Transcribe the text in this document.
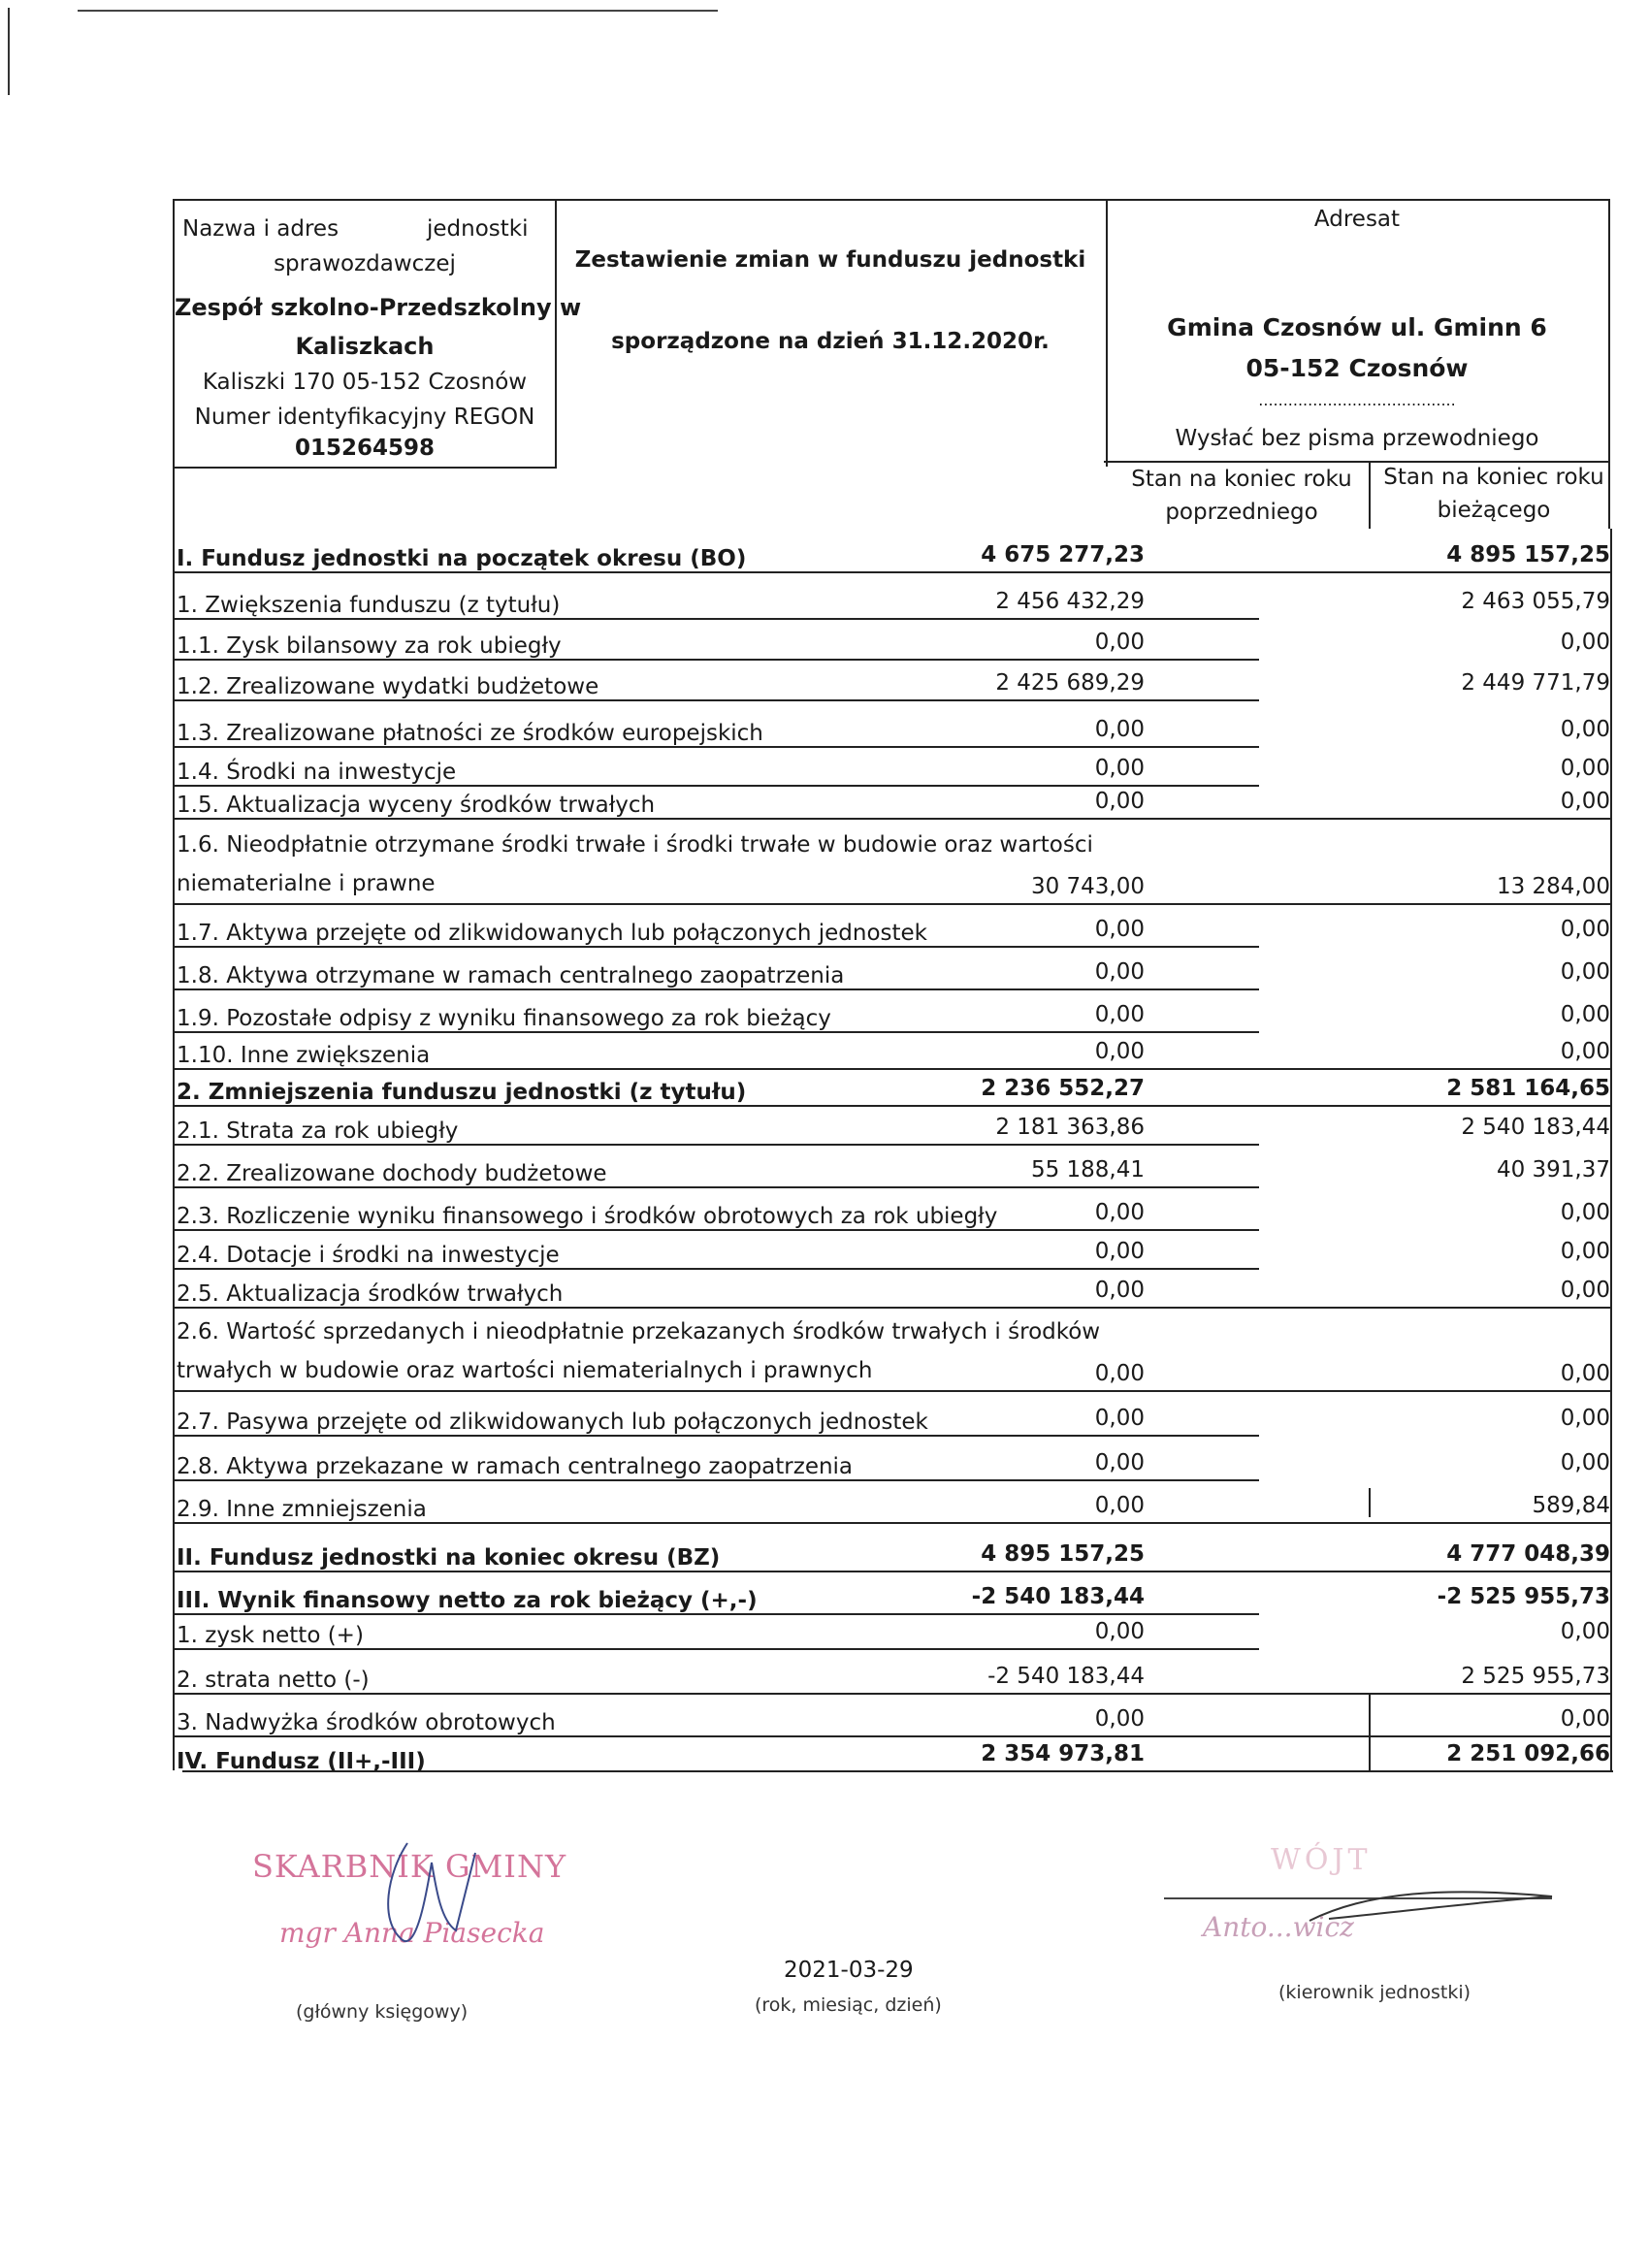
Nazwa i adres	jednostki
sprawozdawczej
Zespół szkolno-Przedszkolny w
Kaliszkach
Kaliszki 170 05-152 Czosnów
Numer identyfikacyjny REGON
015264598
Zestawienie zmian w funduszu jednostki
sporządzone na dzień 31.12.2020r.
Adresat
Gmina Czosnów ul. Gminn 6
05-152 Czosnów
........................................
Wysłać bez pisma przewodniego
Stan na koniec roku
poprzedniego
Stan na koniec roku
bieżącego
I. Fundusz jednostki na początek okresu (BO)	4 675 277,23	4 895 157,25
1. Zwiększenia funduszu (z tytułu)	2 456 432,29	2 463 055,79
1.1. Zysk bilansowy za rok ubiegły	0,00	0,00
1.2. Zrealizowane wydatki budżetowe	2 425 689,29	2 449 771,79
1.3. Zrealizowane płatności ze środków europejskich	0,00	0,00
1.4. Środki na inwestycje	0,00	0,00
1.5. Aktualizacja wyceny środków trwałych	0,00	0,00
1.6. Nieodpłatnie otrzymane środki trwałe i środki trwałe w budowie oraz wartości niematerialne i prawne	30 743,00	13 284,00
1.7. Aktywa przejęte od zlikwidowanych lub połączonych jednostek	0,00	0,00
1.8. Aktywa otrzymane w ramach centralnego zaopatrzenia	0,00	0,00
1.9. Pozostałe odpisy z wyniku finansowego za rok bieżący	0,00	0,00
1.10. Inne zwiększenia	0,00	0,00
2. Zmniejszenia funduszu jednostki (z tytułu)	2 236 552,27	2 581 164,65
2.1. Strata za rok ubiegły	2 181 363,86	2 540 183,44
2.2. Zrealizowane dochody budżetowe	55 188,41	40 391,37
2.3. Rozliczenie wyniku finansowego i środków obrotowych za rok ubiegły	0,00	0,00
2.4. Dotacje i środki na inwestycje	0,00	0,00
2.5. Aktualizacja środków trwałych	0,00	0,00
2.6. Wartość sprzedanych i nieodpłatnie przekazanych środków trwałych i środków trwałych w budowie oraz wartości niematerialnych i prawnych	0,00	0,00
2.7. Pasywa przejęte od zlikwidowanych lub połączonych jednostek	0,00	0,00
2.8. Aktywa przekazane w ramach centralnego zaopatrzenia	0,00	0,00
2.9. Inne zmniejszenia	0,00	589,84
II. Fundusz jednostki na koniec okresu (BZ)	4 895 157,25	4 777 048,39
III. Wynik finansowy netto za rok bieżący (+,-)	-2 540 183,44	-2 525 955,73
1. zysk netto (+)	0,00	0,00
2. strata netto (-)	-2 540 183,44	2 525 955,73
3. Nadwyżka środków obrotowych	0,00	0,00
IV. Fundusz (II+,-III)	2 354 973,81	2 251 092,66
SKARBNIK GMINY
mgr Anna Piasecka
(główny księgowy)
2021-03-29
(rok, miesiąc, dzień)
WÓJT
Anto...wicz
(kierownik jednostki)
